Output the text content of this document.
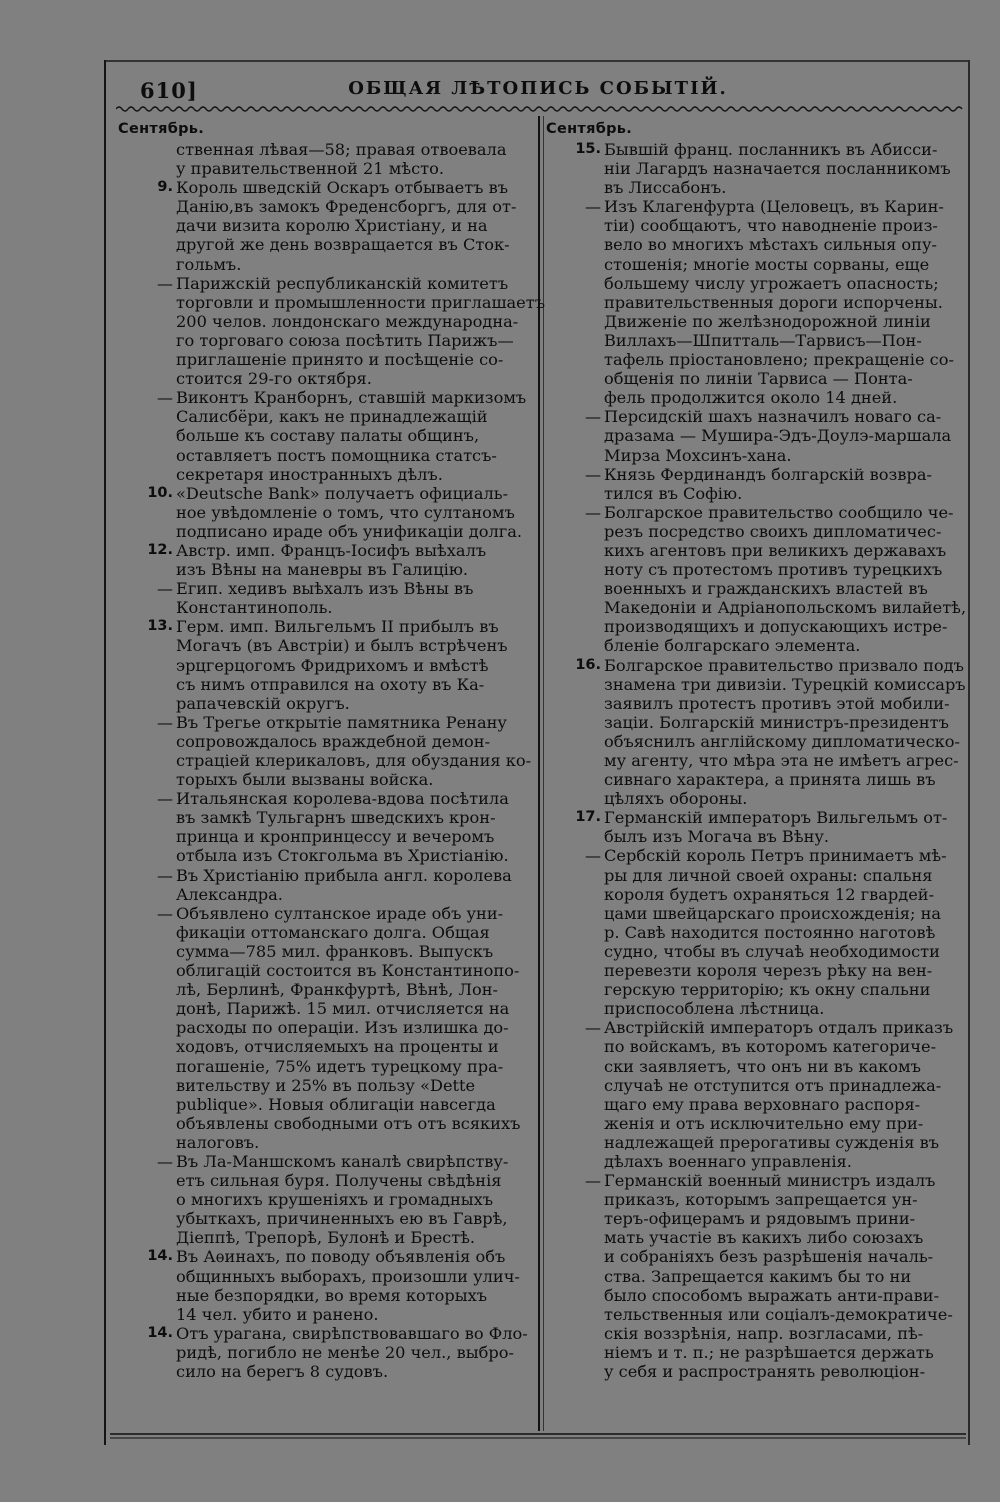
610]	ОБЩАЯ ЛѢТОПИСЬ СОБЫТІЙ.
Сентябрь.
ственная лѣвая—58; правая отвоевала
у правительственной 21 мѣсто.
9. Король шведскій Оскаръ отбываетъ въ
Данію,въ замокъ Фреденсборгъ, для от-
дачи визита королю Христіану, и на
другой же день возвращается въ Сток-
гольмъ.
— Парижскій республиканскій комитетъ
торговли и промышленности приглашаетъ
200 челов. лондонскаго международна-
го торговаго союза посѣтить Парижъ—
приглашеніе принято и посѣщеніе со-
стоится 29-го октября.
— Виконтъ Кранборнъ, ставшій маркизомъ
Салисбёри, какъ не принадлежащій
больше къ составу палаты общинъ,
оставляетъ постъ помощника статсъ-
секретаря иностранныхъ дѣлъ.
10. «Deutsche Bank» получаетъ официаль-
ное увѣдомленіе о томъ, что султаномъ
подписано ираде объ унификаціи долга.
12. Австр. имп. Францъ-Іосифъ выѣхалъ
изъ Вѣны на маневры въ Галицію.
— Егип. хедивъ выѣхалъ изъ Вѣны въ
Константинополь.
13. Герм. имп. Вильгельмъ II прибылъ въ
Могачъ (въ Австріи) и былъ встрѣченъ
эрцгерцогомъ Фридрихомъ и вмѣстѣ
съ нимъ отправился на охоту въ Ка-
рапачевскій округъ.
— Въ Трегье открытіе памятника Ренану
сопровождалось враждебной демон-
страціей клерикаловъ, для обуздания ко-
торыхъ были вызваны войска.
— Итальянская королева-вдова посѣтила
въ замкѣ Тульгарнъ шведскихъ крон-
принца и кронпринцессу и вечеромъ
отбыла изъ Стокгольма въ Христіанію.
— Въ Христіанію прибыла англ. королева
Александра.
— Объявлено султанское ираде объ уни-
фикаціи оттоманскаго долга. Общая
сумма—785 мил. франковъ. Выпускъ
облигацій состоится въ Константинопо-
лѣ, Берлинѣ, Франкфуртѣ, Вѣнѣ, Лон-
донѣ, Парижѣ. 15 мил. отчисляется на
расходы по операціи. Изъ излишка до-
ходовъ, отчисляемыхъ на проценты и
погашеніе, 75% идетъ турецкому пра-
вительству и 25% въ пользу «Dette
publique». Новыя облигаціи навсегда
объявлены свободными отъ отъ всякихъ
налоговъ.
— Въ Ла-Маншскомъ каналѣ свирѣпству-
етъ сильная буря. Получены свѣдѣнія
о многихъ крушеніяхъ и громадныхъ
убыткахъ, причиненныхъ ею въ Гаврѣ,
Діеппѣ, Трепорѣ, Булонѣ и Брестѣ.
14. Въ Аѳинахъ, по поводу объявленія объ
общинныхъ выборахъ, произошли улич-
ные безпорядки, во время которыхъ
14 чел. убито и ранено.
14. Отъ урагана, свирѣпствовавшаго во Фло-
ридѣ, погибло не менѣе 20 чел., выбро-
сило на берегъ 8 судовъ.
Сентябрь.
15. Бывшій франц. посланникъ въ Абисси-
ніи Лагардъ назначается посланникомъ
въ Лиссабонъ.
— Изъ Клагенфурта (Целовецъ, въ Карин-
тіи) сообщаютъ, что наводненіе произ-
вело во многихъ мѣстахъ сильныя опу-
стошенія; многіе мосты сорваны, еще
большему числу угрожаетъ опасность;
правительственныя дороги испорчены.
Движеніе по желѣзнодорожной линіи
Виллахъ—Шпитталь—Тарвисъ—Пон-
тафель пріостановлено; прекращеніе со-
общенія по линіи Тарвиса — Понта-
фель продолжится около 14 дней.
— Персидскій шахъ назначилъ новаго са-
дразама — Мушира-Эдъ-Доулэ-маршала
Мирза Мохсинъ-хана.
— Князь Фердинандъ болгарскій возвра-
тился въ Софію.
— Болгарское правительство сообщило че-
резъ посредство своихъ дипломатичес-
кихъ агентовъ при великихъ державахъ
ноту съ протестомъ противъ турецкихъ
военныхъ и гражданскихъ властей въ
Македоніи и Адріанопольскомъ вилайетѣ,
производящихъ и допускающихъ истре-
бленіе болгарскаго элемента.
16. Болгарское правительство призвало подъ
знамена три дивизіи. Турецкій комиссаръ
заявилъ протестъ противъ этой мобили-
заціи. Болгарскій министръ-президентъ
объяснилъ англійскому дипломатическо-
му агенту, что мѣра эта не имѣетъ агрес-
сивнаго характера, а принята лишь въ
цѣляхъ обороны.
17. Германскій императоръ Вильгельмъ от-
былъ изъ Могача въ Вѣну.
— Сербскій король Петръ принимаетъ мѣ-
ры для личной своей охраны: спальня
короля будетъ охраняться 12 гвардей-
цами швейцарскаго происхожденія; на
р. Савѣ находится постоянно наготовѣ
судно, чтобы въ случаѣ необходимости
перевезти короля черезъ рѣку на вен-
герскую территорію; къ окну спальни
приспособлена лѣстница.
— Австрійскій императоръ отдалъ приказъ
по войскамъ, въ которомъ категориче-
ски заявляетъ, что онъ ни въ какомъ
случаѣ не отступится отъ принадлежа-
щаго ему права верховнаго распоря-
женія и отъ исключительно ему при-
надлежащей прерогативы сужденія въ
дѣлахъ военнаго управленія.
— Германскій военный министръ издалъ
приказъ, которымъ запрещается ун-
теръ-офицерамъ и рядовымъ прини-
мать участіе въ какихъ либо союзахъ
и собраніяхъ безъ разрѣшенія началь-
ства. Запрещается какимъ бы то ни
было способомъ выражать анти-прави-
тельственныя или соціалъ-демократиче-
скія воззрѣнія, напр. возгласами, пѣ-
ніемъ и т. п.; не разрѣшается держать
у себя и распространять революціон-
